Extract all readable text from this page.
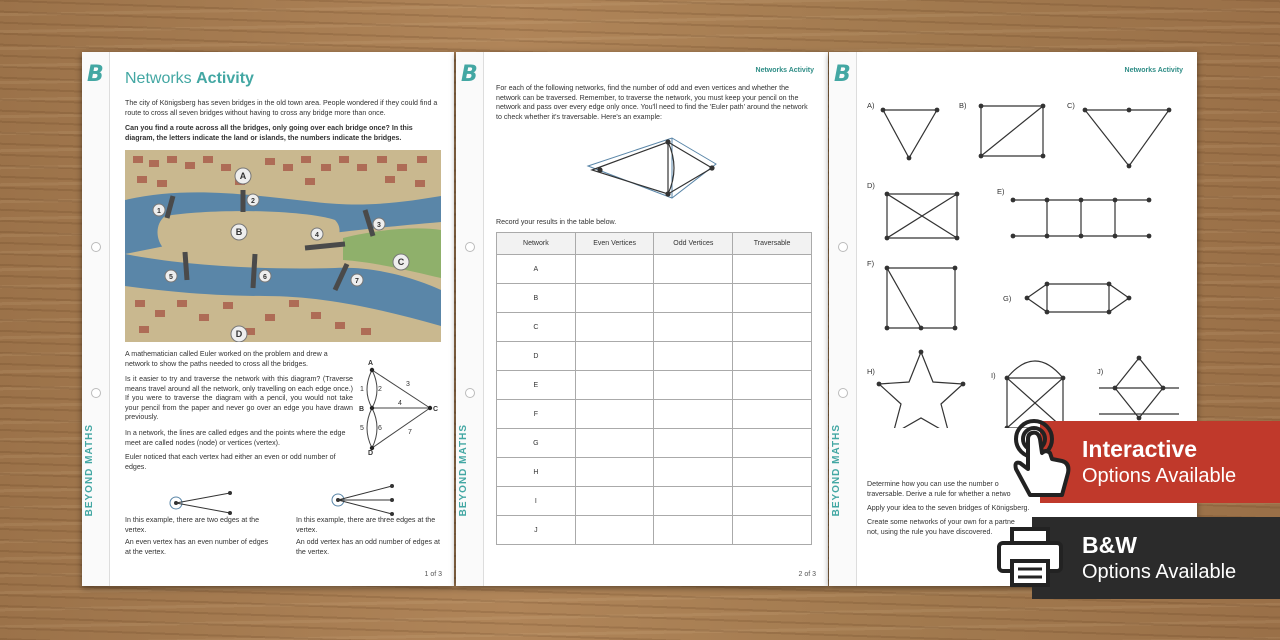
B
BEYOND MATHS
Networks Activity
The city of Königsberg has seven bridges in the old town area. People wondered if they could find a route to cross all seven bridges without having to cross any bridge more than once.
Can you find a route across all the bridges, only going over each bridge once? In this diagram, the letters indicate the land or islands, the numbers indicate the bridges.
A
B
C
D
1
2
3
4
5	6
7
A mathematician called Euler worked on the problem and drew a network to show the paths needed to cross all the bridges.
Is it easier to try and traverse the network with this diagram? (Traverse means travel around all the network, only travelling on each edge once.) If you were to traverse the diagram with a pencil, you would not take your pencil from the paper and never go over an edge you have drawn previously.
In a network, the lines are called edges and the points where the edge meet are called nodes (node) or vertices (vertex).
Euler noticed that each vertex had either an even or odd number of edges.
A
B	C
D
1 2
3
4
5 6
7
In this example, there are two edges at the vertex.
An even vertex has an even number of edges at the vertex.
In this example, there are three edges at the vertex.
An odd vertex has an odd number of edges at the vertex.
1 of 3
B
BEYOND MATHS
Networks Activity
For each of the following networks, find the number of odd and even vertices and whether the network can be traversed. Remember, to traverse the network, you must keep your pencil on the network and pass over every edge only once. You'll need to find the 'Euler path' around the network to check whether it's traversable. Here's an example:
Record your results in the table below.
Network	Even Vertices	Odd Vertices	Traversable
A			
B			
C			
D			
E			
F			
G			
H			
I			
J			
2 of 3
B
BEYOND MATHS
Networks Activity
A)	B)	C)
D)
E)
F)
G)
H)	I)	J)
Determine how you can use the number o
traversable. Derive a rule for whether a netwo
Apply your idea to the seven bridges of Königsberg.
Create some networks of your own for a partne
not, using the rule you have discovered.
Interactive
Options Available
B&W
Options Available
